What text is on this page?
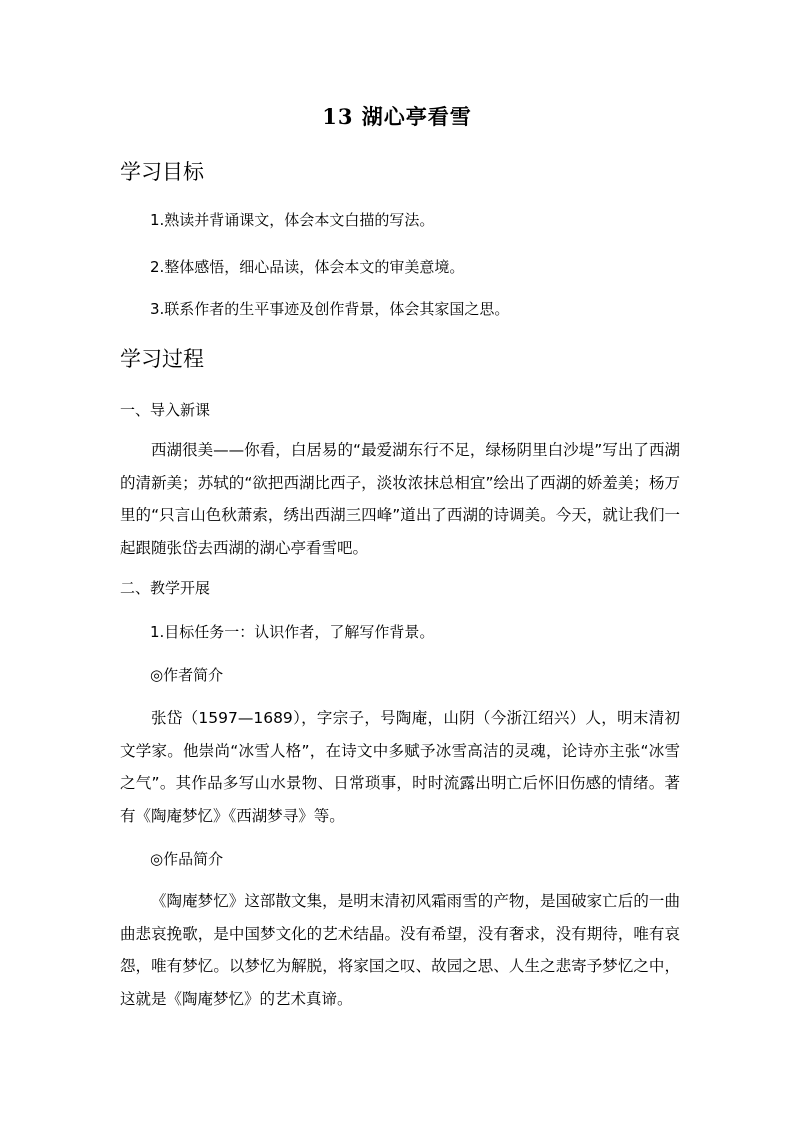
13 湖心亭看雪
学习目标
1.熟读并背诵课文，体会本文白描的写法。
2.整体感悟，细心品读，体会本文的审美意境。
3.联系作者的生平事迹及创作背景，体会其家国之思。
学习过程
一、导入新课
西湖很美——你看，白居易的“最爱湖东行不足，绿杨阴里白沙堤”写出了西湖的清新美；苏轼的“欲把西湖比西子，淡妆浓抹总相宜”绘出了西湖的娇羞美；杨万里的“只言山色秋萧索，绣出西湖三四峰”道出了西湖的诗调美。今天，就让我们一起跟随张岱去西湖的湖心亭看雪吧。
二、教学开展
1.目标任务一：认识作者，了解写作背景。
◎作者简介
张岱（1597—1689），字宗子，号陶庵，山阴（今浙江绍兴）人，明末清初文学家。他崇尚“冰雪人格”，在诗文中多赋予冰雪高洁的灵魂，论诗亦主张“冰雪之气”。其作品多写山水景物、日常琐事，时时流露出明亡后怀旧伤感的情绪。著有《陶庵梦忆》《西湖梦寻》等。
◎作品简介
《陶庵梦忆》这部散文集，是明末清初风霜雨雪的产物，是国破家亡后的一曲曲悲哀挽歌，是中国梦文化的艺术结晶。没有希望，没有奢求，没有期待，唯有哀怨，唯有梦忆。以梦忆为解脱，将家国之叹、故园之思、人生之悲寄予梦忆之中，这就是《陶庵梦忆》的艺术真谛。
